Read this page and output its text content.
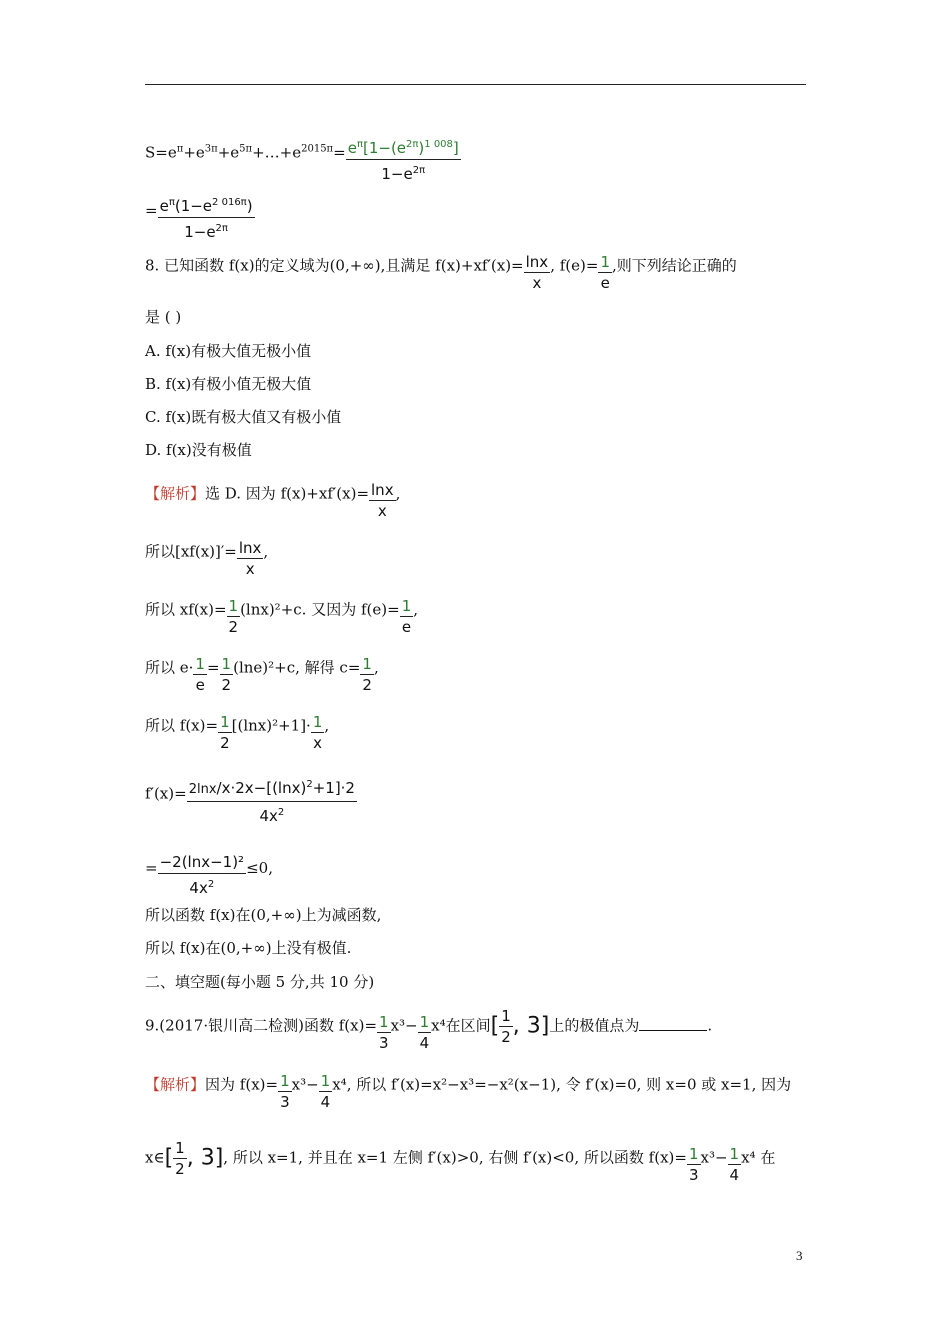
$S=e^\pi+e^{3\pi}+e^{5\pi}+\dots+e^{2015\pi}= \frac{e^\pi[1-(e^{2\pi})^{1 008}]}{1-e^{2\pi}}$
= $\frac{e^\pi(1-e^{2 016\pi})}{1-e^{2\pi}}$
8. 已知函数 f(x)的定义域为(0,+∞),且满足 $f(x)+xf'(x)= \frac{\ln x}{x}$ , $f(e)= \frac{1}{e}$ ,则下列结论正确的
是 ( )
A. f(x)有极大值无极小值
B. f(x)有极小值无极大值
C. f(x)既有极大值又有极小值
D. f(x)没有极值
【解析】选 D. 因为 $f(x)+xf'(x)= \frac{\ln x}{x}$ ,
所以$[xf(x)]'= \frac{\ln x}{x}$ ,
所以 $xf(x)= \frac{1}{2} (\ln x)^2+c$. 又因为 $f(e)= \frac{1}{e}$ ,
所以 $e\cdot \frac{1}{e} = \frac{1}{2} (\ln e)^2+c$, 解得 $c= \frac{1}{2}$ ,
所以 $f(x)= \frac{1}{2} [(\ln x)^2+1]\cdot \frac{1}{x}$ ,
$f'(x)= \frac{2\ln x/x\cdot 2x-[(\ln x)^2+1]\cdot 2}{4x^2}$
= $\frac{\text{−2(lnx−1)²}}{4x^2} \le 0$,
所以函数 f(x)在(0,+∞)上为减函数,
所以 f(x)在(0,+∞)上没有极值.
二、填空题(每小题 5 分,共 10 分)
9.(2017·银川高二检测)函数 $f(x)= \frac{1}{3} x^3- \frac{1}{4} x^4$在区间[ $\frac{1}{2}$ , 3]上的极值点为	.
【解析】因为 $f(x)= \frac{1}{3} x^3- \frac{1}{4} x^4$, 所以 f′(x)=x²−x³=−x²(x−1), 令 f′(x)=0, 则 x=0 或 x=1, 因为
x∈[ $\frac{1}{2}$ , 3], 所以 x=1, 并且在 x=1 左侧 f′(x)>0, 右侧 f′(x)<0, 所以函数 $f(x)= \frac{1}{3} x^3- \frac{1}{4} x^4$ 在
3
